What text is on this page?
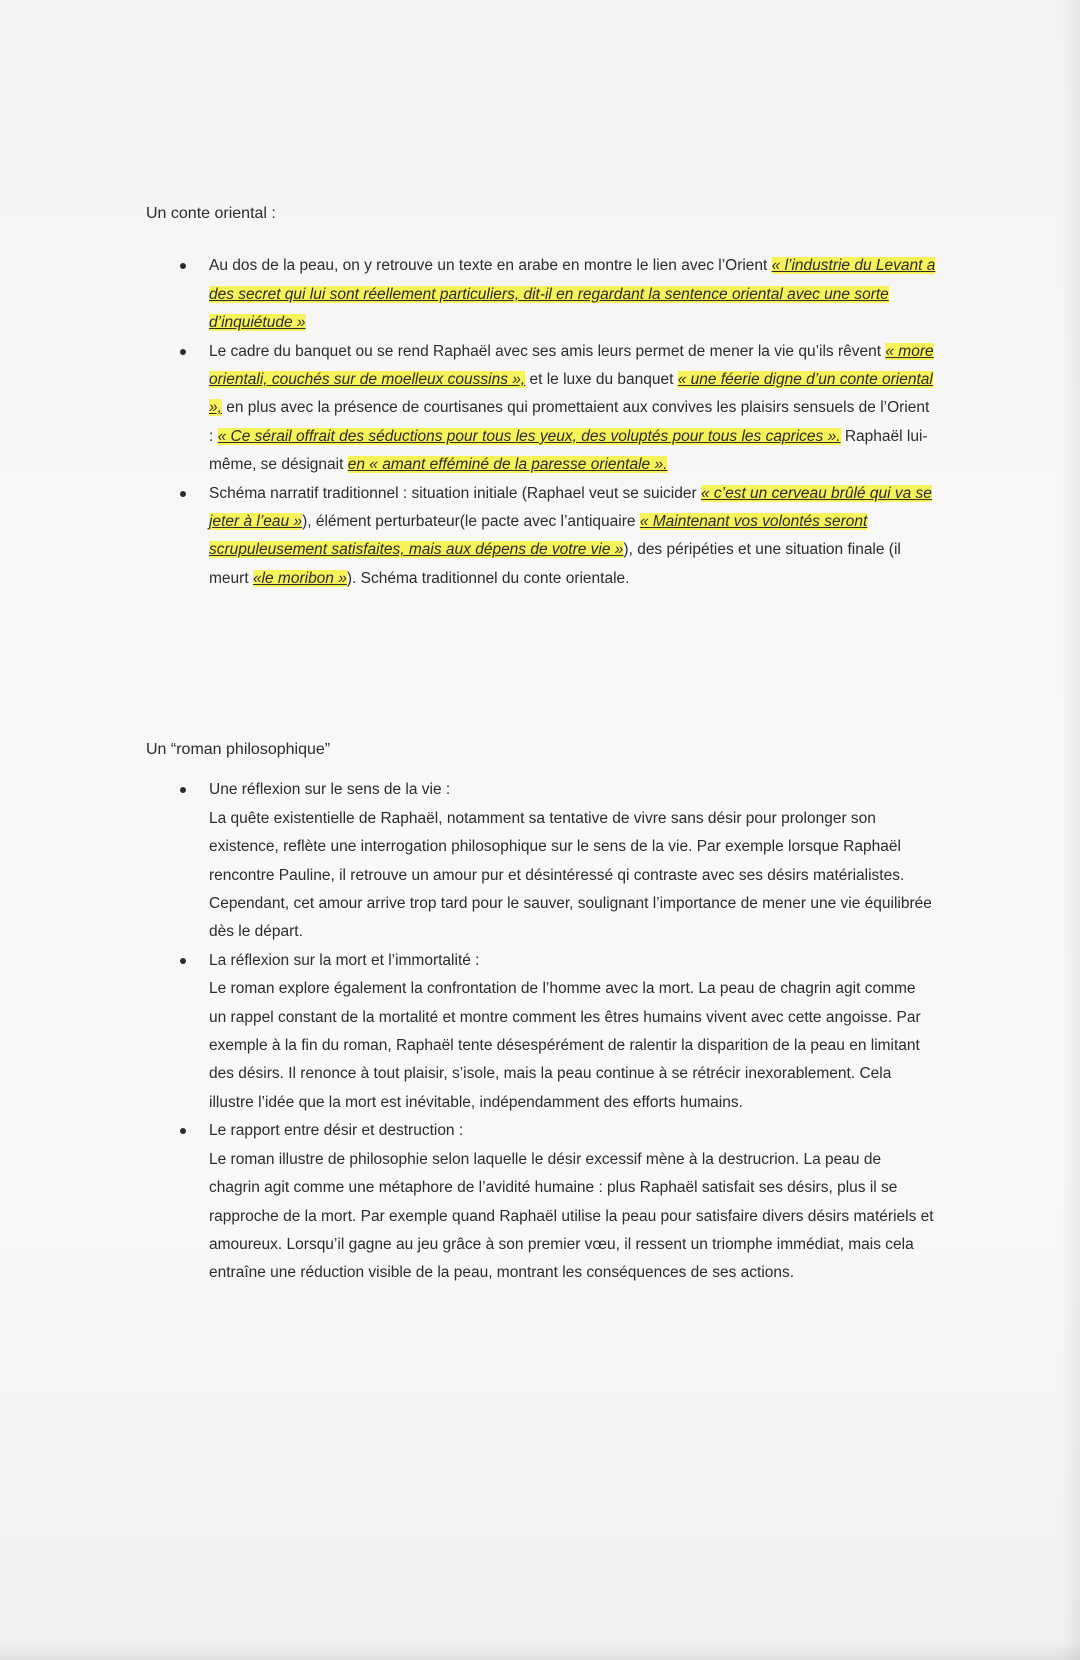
Un conte oriental :

Au dos de la peau, on y retrouve un texte en arabe en montre le lien avec l’Orient « l’industrie du Levant a des secret qui lui sont réellement particuliers, dit-il en regardant la sentence oriental avec une sorte d’inquiétude »
Le cadre du banquet ou se rend Raphaël avec ses amis leurs permet de mener la vie qu’ils rêvent « more orientali, couchés sur de moelleux coussins », et le luxe du banquet « une féerie digne d’un conte oriental », en plus avec la présence de courtisanes qui promettaient aux convives les plaisirs sensuels de l’Orient : « Ce sérail offrait des séductions pour tous les yeux, des voluptés pour tous les caprices ». Raphaël lui-même, se désignait en « amant efféminé de la paresse orientale ».
Schéma narratif traditionnel : situation initiale (Raphael veut se suicider « c’est un cerveau brûlé qui va se jeter à l’eau »), élément perturbateur(le pacte avec l’antiquaire « Maintenant vos volontés seront scrupuleusement satisfaites, mais aux dépens de votre vie »), des péripéties et une situation finale (il meurt «le moribon »). Schéma traditionnel du conte orientale.

Un “roman philosophique”

Une réflexion sur le sens de la vie :
La quête existentielle de Raphaël, notamment sa tentative de vivre sans désir pour prolonger son existence, reflète une interrogation philosophique sur le sens de la vie. Par exemple lorsque Raphaël rencontre Pauline, il retrouve un amour pur et désintéressé qi contraste avec ses désirs matérialistes. Cependant, cet amour arrive trop tard pour le sauver, soulignant l’importance de mener une vie équilibrée dès le départ.
La réflexion sur la mort et l’immortalité :
Le roman explore également la confrontation de l’homme avec la mort. La peau de chagrin agit comme un rappel constant de la mortalité et montre comment les êtres humains vivent avec cette angoisse. Par exemple à la fin du roman, Raphaël tente désespérément de ralentir la disparition de la peau en limitant des désirs. Il renonce à tout plaisir, s’isole, mais la peau continue à se rétrécir inexorablement. Cela illustre l’idée que la mort est inévitable, indépendamment des efforts humains.
Le rapport entre désir et destruction :
Le roman illustre de philosophie selon laquelle le désir excessif mène à la destrucrion. La peau de chagrin agit comme une métaphore de l’avidité humaine : plus Raphaël satisfait ses désirs, plus il se rapproche de la mort. Par exemple quand Raphaël utilise la peau pour satisfaire divers désirs matériels et amoureux. Lorsqu’il gagne au jeu grâce à son premier vœu, il ressent un triomphe immédiat, mais cela entraîne une réduction visible de la peau, montrant les conséquences de ses actions.
